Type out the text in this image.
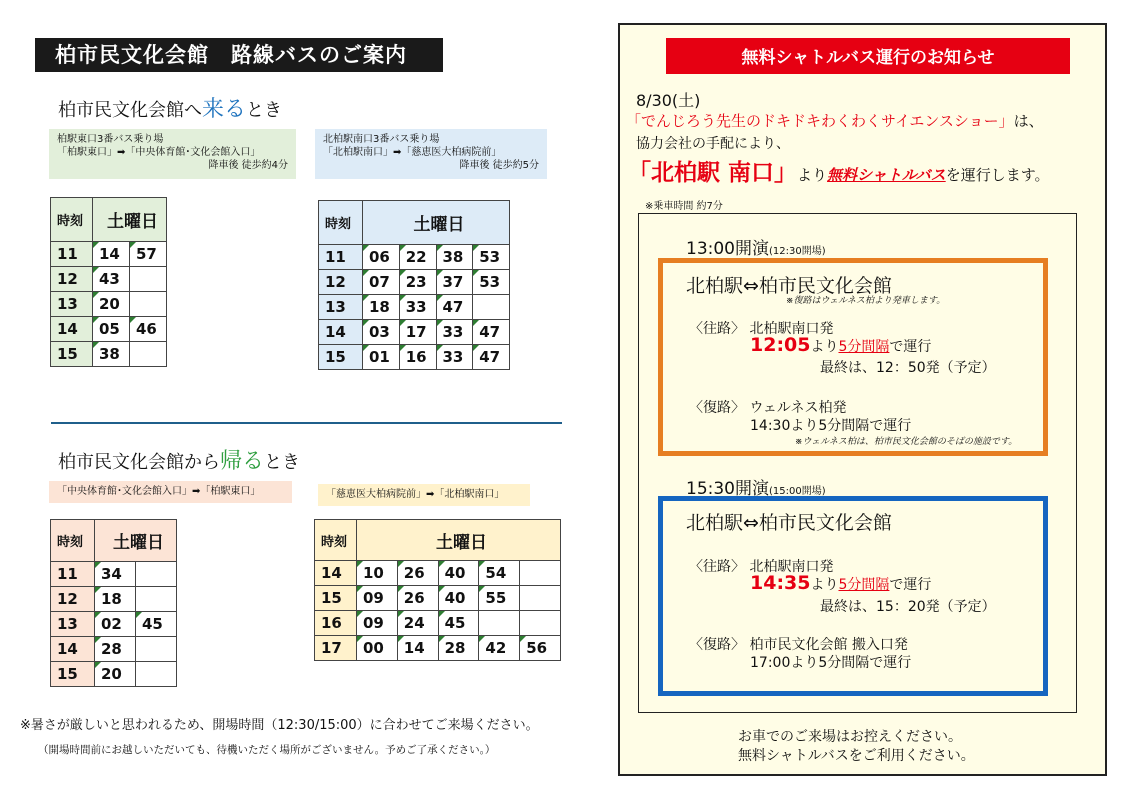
柏市民文化会館　路線バスのご案内
柏市民文化会館へ来るとき
柏駅東口3番バス乗り場
「柏駅東口」➡「中央体育館･文化会館入口」
降車後 徒歩約4分
北柏駅南口3番バス乗り場
「北柏駅南口」➡「慈恵医大柏病院前」
降車後 徒歩約5分
時刻	土曜日	
11	14	57
12	43	
13	20	
14	05	46
15	38	
時刻	土曜日			
11	06	22	38	53
12	07	23	37	53
13	18	33	47	
14	03	17	33	47
15	01	16	33	47
柏市民文化会館から帰るとき
「中央体育館･文化会館入口」➡「柏駅東口」	「慈恵医大柏病院前」➡「北柏駅南口」
時刻	土曜日	
11	34	
12	18	
13	02	45
14	28	
15	20	
時刻	土曜日				
14	10	26	40	54	
15	09	26	40	55	
16	09	24	45		
17	00	14	28	42	56
※暑さが厳しいと思われるため、開場時間（12:30/15:00）に合わせてご来場ください。
（開場時間前にお越しいただいても、待機いただく場所がございません。予めご了承ください。）
無料シャトルバス運行のお知らせ
8/30(土)
「でんじろう先生のドキドキわくわくサイエンスショー」は、
協力会社の手配により、
「北柏駅 南口」より無料シャトルバスを運行します。
※乗車時間 約7分
13:00開演(12:30開場)
北柏駅⇔柏市民文化会館
※復路はウェルネス柏より発車します。
〈往路〉 北柏駅南口発
12:05より5分間隔で運行
最終は、12：50発（予定）
〈復路〉 ウェルネス柏発
14:30より5分間隔で運行
※ウェルネス柏は、柏市民文化会館のそばの施設です。
15:30開演(15:00開場)
北柏駅⇔柏市民文化会館
〈往路〉 北柏駅南口発
14:35より5分間隔で運行
最終は、15：20発（予定）
〈復路〉 柏市民文化会館 搬入口発
17:00より5分間隔で運行
お車でのご来場はお控えください。
無料シャトルバスをご利用ください。
